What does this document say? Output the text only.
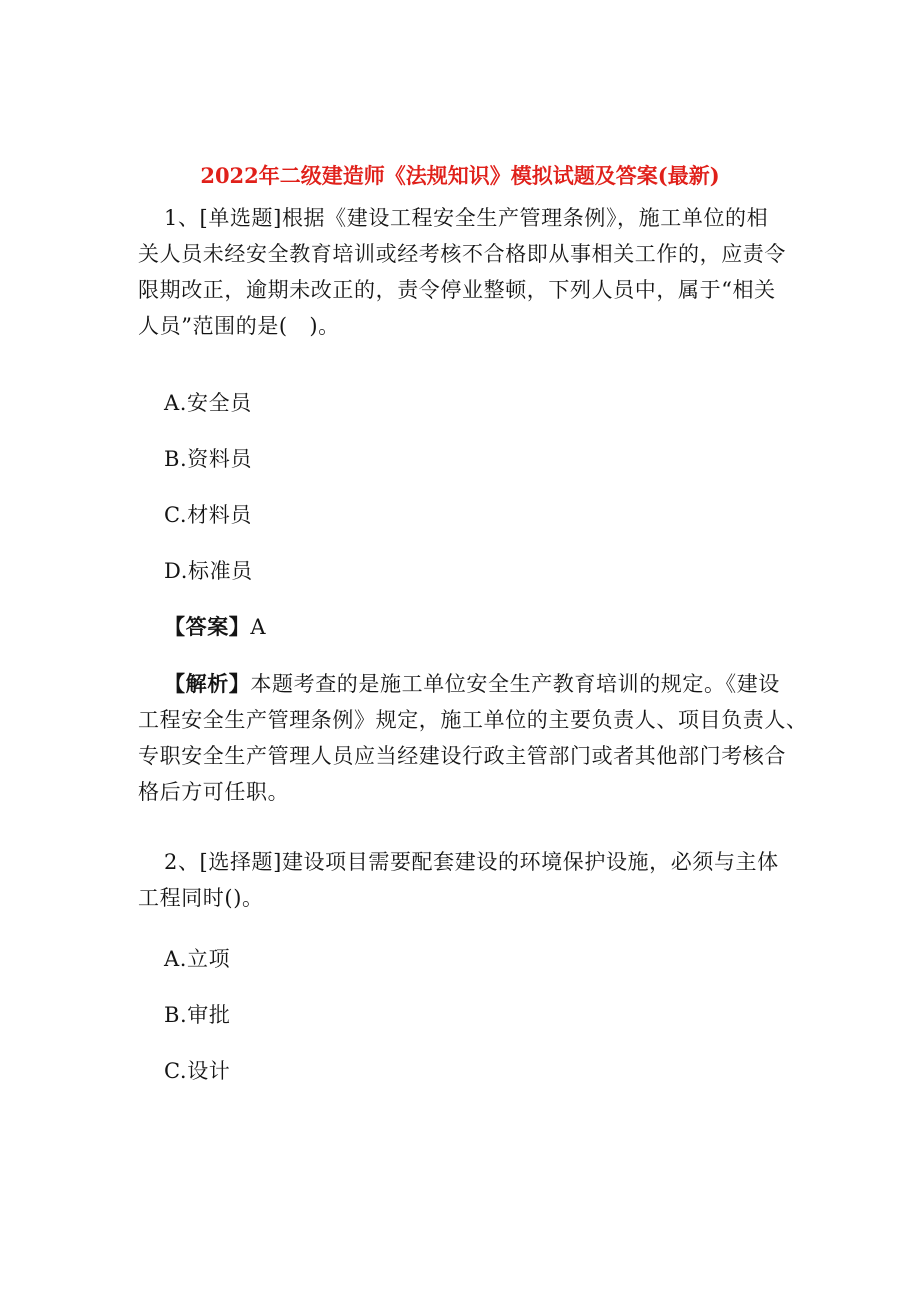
2022年二级建造师《法规知识》模拟试题及答案(最新)
1、[单选题]根据《建设工程安全生产管理条例》，施工单位的相
关人员未经安全教育培训或经考核不合格即从事相关工作的，应责令
限期改正，逾期未改正的，责令停业整顿，下列人员中，属于“相关
人员”范围的是(　)。
A.安全员
B.资料员
C.材料员
D.标准员
【答案】A
【解析】本题考查的是施工单位安全生产教育培训的规定。《建设
工程安全生产管理条例》规定，施工单位的主要负责人、项目负责人、
专职安全生产管理人员应当经建设行政主管部门或者其他部门考核合
格后方可任职。
2、[选择题]建设项目需要配套建设的环境保护设施，必须与主体
工程同时()。
A.立项
B.审批
C.设计
